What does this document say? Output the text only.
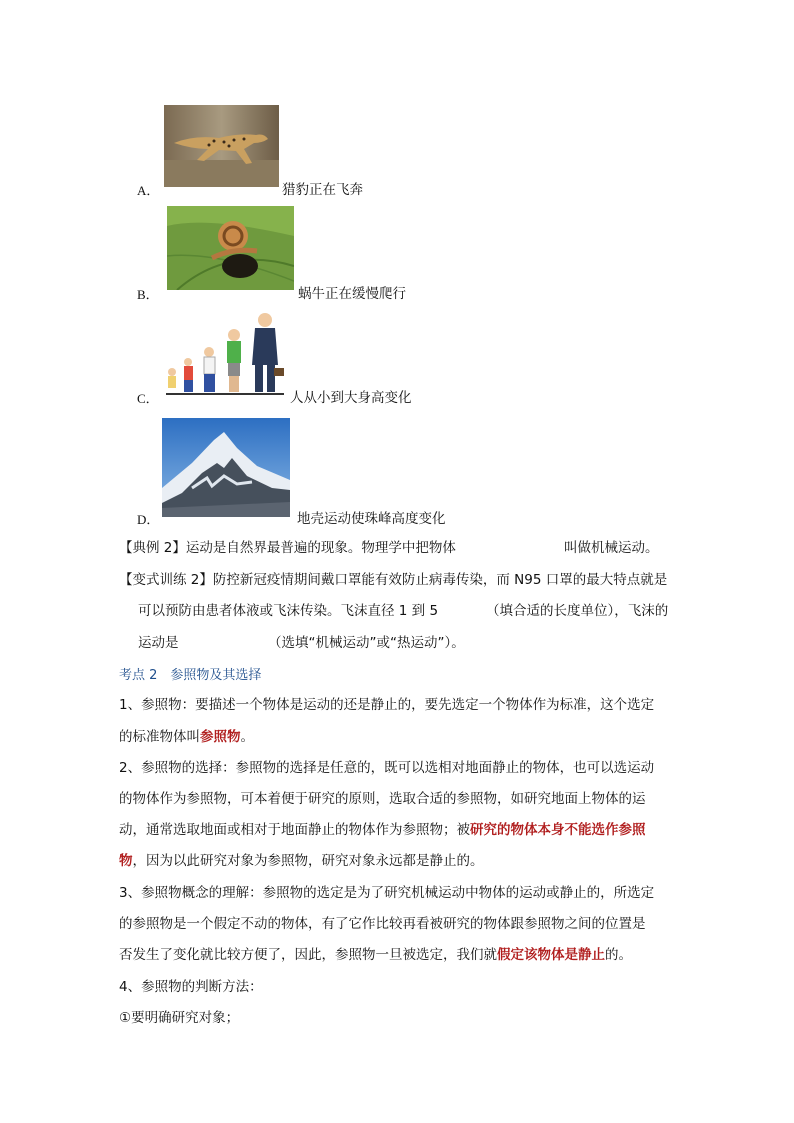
A．	猎豹正在飞奔
B．	蜗牛正在缓慢爬行
C．	人从小到大身高变化
D．	地壳运动使珠峰高度变化
【典例 2】运动是自然界最普遍的现象。物理学中把物体	叫做机械运动。
【变式训练 2】防控新冠疫情期间戴口罩能有效防止病毒传染，而 N95 口罩的最大特点就是
可以预防由患者体液或飞沫传染。飞沫直径 1 到 5	（填合适的长度单位），飞沫的
运动是	（选填“机械运动”或“热运动”）。
考点 2　参照物及其选择
1、参照物：要描述一个物体是运动的还是静止的，要先选定一个物体作为标准，这个选定
的标准物体叫参照物。
2、参照物的选择：参照物的选择是任意的，既可以选相对地面静止的物体，也可以选运动
的物体作为参照物，可本着便于研究的原则，选取合适的参照物，如研究地面上物体的运
动，通常选取地面或相对于地面静止的物体作为参照物；被研究的物体本身不能选作参照
物，因为以此研究对象为参照物，研究对象永远都是静止的。
3、参照物概念的理解：参照物的选定是为了研究机械运动中物体的运动或静止的，所选定
的参照物是一个假定不动的物体，有了它作比较再看被研究的物体跟参照物之间的位置是
否发生了变化就比较方便了，因此，参照物一旦被选定，我们就假定该物体是静止的。
4、参照物的判断方法：
①要明确研究对象；
